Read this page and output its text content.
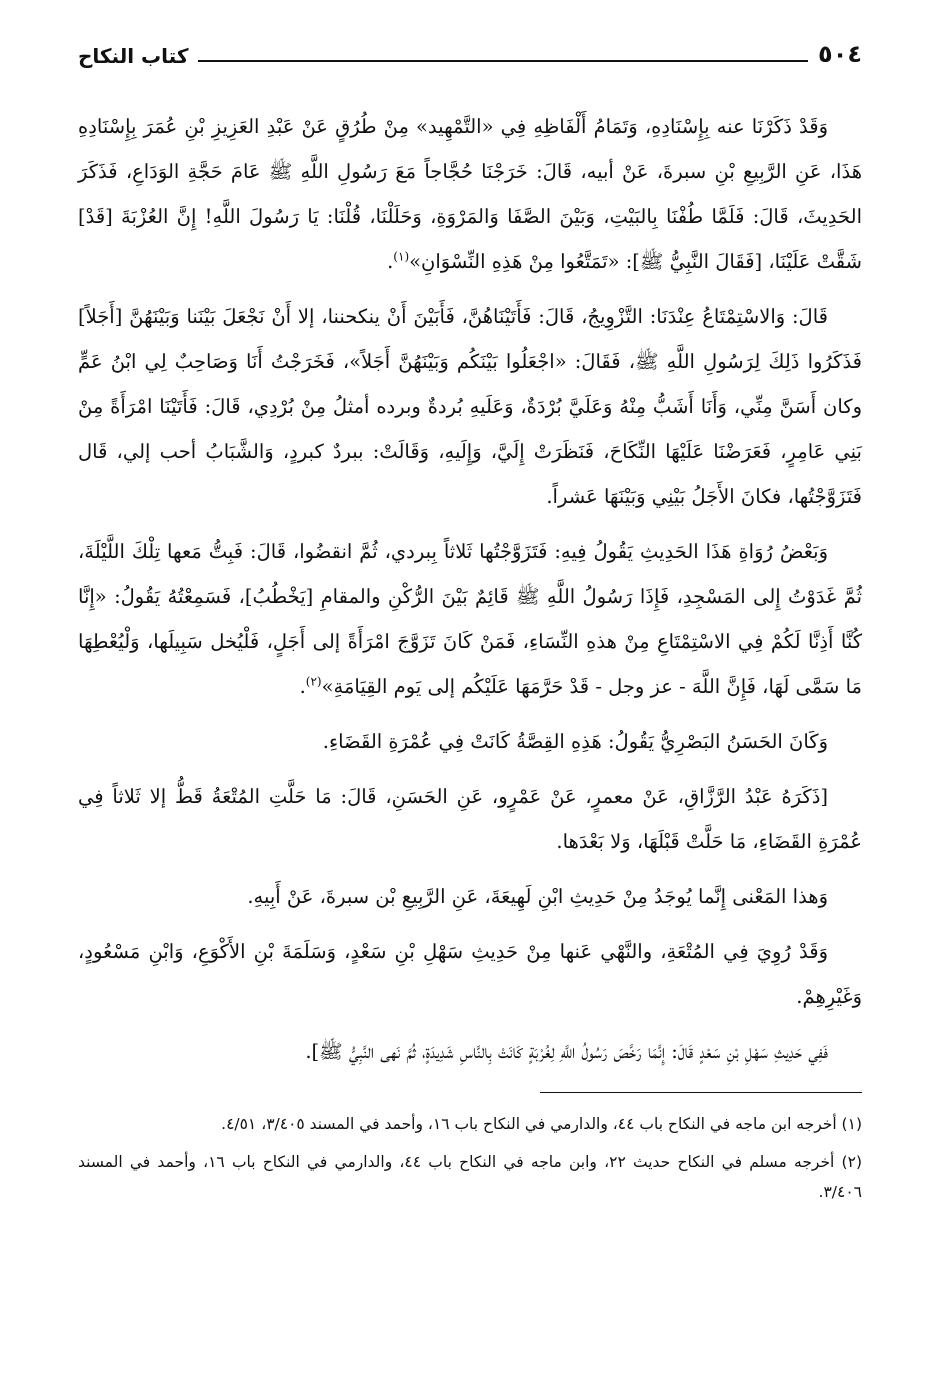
٥٠٤
كتاب النكاح

وَقَدْ ذَكَرْنَا عنه بِإِسْنَادِهِ، وَتَمَامُ أَلْفَاظِهِ فِي «التَّمْهِيد» مِنْ طُرُقٍ عَنْ عَبْدِ العَزِيزِ بْنِ عُمَرَ بِإِسْنَادِهِ هَذَا، عَنِ الرَّبِيعِ بْنِ سبرةَ، عَنْ أبيه، قَالَ: خَرَجْنَا حُجَّاجاً مَعَ رَسُولِ اللَّهِ ﷺ عَامَ حَجَّةِ الوَدَاعِ، فَذَكَرَ الحَدِيثَ، قَالَ: فَلَمَّا طُفْنَا بِالبَيْتِ، وَبَيْنَ الصَّفَا وَالمَرْوَةِ، وَحَلَلْنَا، قُلْنَا: يَا رَسُولَ اللَّهِ! إِنَّ العُزْبَةَ [قَدْ] شَقَّتْ عَلَيْنَا، [فَقَالَ النَّبِيُّ ﷺ]: «تَمَتَّعُوا مِنْ هَذِهِ النِّسْوَانِ»$^{(١)}$.

قَالَ: وَالاسْتِمْتَاعُ عِنْدَنَا: التَّزْوِيجُ، قَالَ: فَأَتَيْنَاهُنَّ، فَأَبَيْنَ أَنْ ينكحننا، إلا أَنْ نَجْعَلَ بَيْنَنا وَبَيْنَهُنَّ [أَجَلاً] فَذَكَرُوا ذَلِكَ لِرَسُولِ اللَّهِ ﷺ، فَقَالَ: «اجْعَلُوا بَيْنَكُم وَبَيْنَهُنَّ أَجَلاً»، فَخَرَجْتُ أَنَا وَصَاحِبٌ لِي ابْنُ عَمٍّ وكان أَسَنَّ مِنِّي، وَأَنَا أَشَبُّ مِنْهُ وَعَلَيَّ بُرْدَةٌ، وَعَلَيهِ بُردةٌ وبرده أمثلُ مِنْ بُرْدِي، قَالَ: فَأَتَيْنَا امْرَأَةً مِنْ بَنِي عَامِرٍ، فَعَرَضْنَا عَلَيْهَا النِّكَاحَ، فَنَظَرَتْ إِلَيَّ، وَإِلَيهِ، وَقَالَتْ: ببردٌ كبردٍ، وَالشَّبَابُ أحب إلي، قَال فَتَزَوَّجْتُها، فكانَ الأَجَلُ بَيْنِي وَبَيْنَهَا عَشراً.

وَبَعْضُ رُوَاةِ هَذَا الحَدِيثِ يَقُولُ فِيهِ: فَتَزَوَّجْتُها ثَلاثاً بِبردي، ثُمَّ انقضُوا، قَالَ: فَبِتُّ مَعها تِلْكَ اللَّيْلَةَ، ثُمَّ غَدَوْتُ إِلى المَسْجِدِ، فَإِذَا رَسُولُ اللَّهِ ﷺ قَائِمٌ بَيْنَ الرُّكْنِ والمقامِ [يَخْطُبُ]، فَسَمِعْتُهُ يَقُولُ: «إِنَّا كُنَّا أَذِنَّا لَكُمْ فِي الاسْتِمْتَاعِ مِنْ هذهِ النِّسَاءِ، فَمَنْ كَانَ تَزَوَّجَ امْرَأَةً إلى أَجَلٍ، فَلْيُخل سَبِيلَها، وَلْيُعْطِهَا مَا سَمَّى لَهَا، فَإِنَّ اللَّهَ - عز وجل - قَدْ حَرَّمَهَا عَلَيْكُم إلى يَوم القِيَامَةِ»$^{(٢)}$.

وَكَانَ الحَسَنُ البَصْرِيُّ يَقُولُ: هَذِهِ القِصَّةُ كَانَتْ فِي عُمْرَةِ القَضَاءِ.

[ذَكَرَهُ عَبْدُ الرَّزَّاقِ، عَنْ معمرٍ، عَنْ عَمْرٍو، عَنِ الحَسَنِ، قَالَ: مَا حَلَّتِ المُتْعَةُ قَطُّ إلا ثَلاثاً فِي عُمْرَةِ القَضَاءِ، مَا حَلَّتْ قَبْلَهَا، وَلا بَعْدَها.

وَهذا المَعْنى إِنَّما يُوجَدُ مِنْ حَدِيثِ ابْنِ لَهِيعَةَ، عَنِ الرَّبِيعِ بْن سبرةَ، عَنْ أَبِيهِ.

وَقَدْ رُوِيَ فِي المُتْعَةِ، والنَّهْي عَنها مِنْ حَدِيثِ سَهْلِ بْنِ سَعْدٍ، وَسَلَمَةَ بْنِ الأَكْوَعِ، وَابْنِ مَسْعُودٍ، وَغَيْرِهِمْ.

فَفِي حَدِيثِ سَهْلِ بْنِ سَعْدٍ قَالَ: إِنَّمَا رَخَّصَ رَسُولُ اللَّهِ لِغُرْبَةٍ كَانَتْ بِالنَّاسِ شَدِيدَةٍ، ثُمَّ نَهى النَّبِيُّ ﷺ].

(١) أخرجه ابن ماجه في النكاح باب ٤٤، والدارمي في النكاح باب ١٦، وأحمد في المسند ٣/٤٠٥، ٤/٥١.

(٢) أخرجه مسلم في النكاح حديث ٢٢، وابن ماجه في النكاح باب ٤٤، والدارمي في النكاح باب ١٦، وأحمد في المسند ٣/٤٠٦.
